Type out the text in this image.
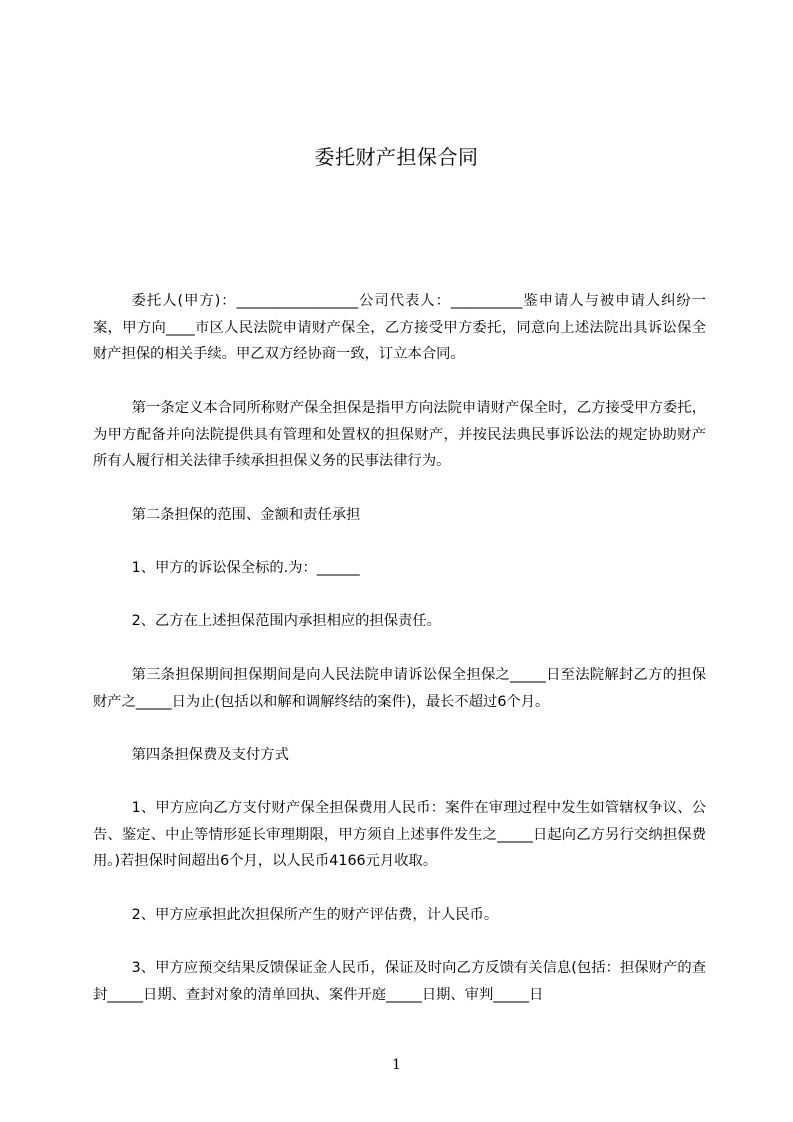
委托财产担保合同
委托人(甲方)：_________________公司代表人：__________鉴申请人与被申请人纠纷一案，甲方向____市区人民法院申请财产保全，乙方接受甲方委托，同意向上述法院出具诉讼保全财产担保的相关手续。甲乙双方经协商一致，订立本合同。
第一条定义本合同所称财产保全担保是指甲方向法院申请财产保全时，乙方接受甲方委托，为甲方配备并向法院提供具有管理和处置权的担保财产，并按民法典民事诉讼法的规定协助财产所有人履行相关法律手续承担担保义务的民事法律行为。
第二条担保的范围、金额和责任承担
1、甲方的诉讼保全标的.为：______
2、乙方在上述担保范围内承担相应的担保责任。
第三条担保期间担保期间是向人民法院申请诉讼保全担保之_____日至法院解封乙方的担保财产之_____日为止(包括以和解和调解终结的案件)，最长不超过6个月。
第四条担保费及支付方式
1、甲方应向乙方支付财产保全担保费用人民币：案件在审理过程中发生如管辖权争议、公告、鉴定、中止等情形延长审理期限，甲方须自上述事件发生之_____日起向乙方另行交纳担保费用。)若担保时间超出6个月，以人民币4166元月收取。
2、甲方应承担此次担保所产生的财产评估费，计人民币。
3、甲方应预交结果反馈保证金人民币，保证及时向乙方反馈有关信息(包括：担保财产的查封_____日期、查封对象的清单回执、案件开庭_____日期、审判_____日
1
